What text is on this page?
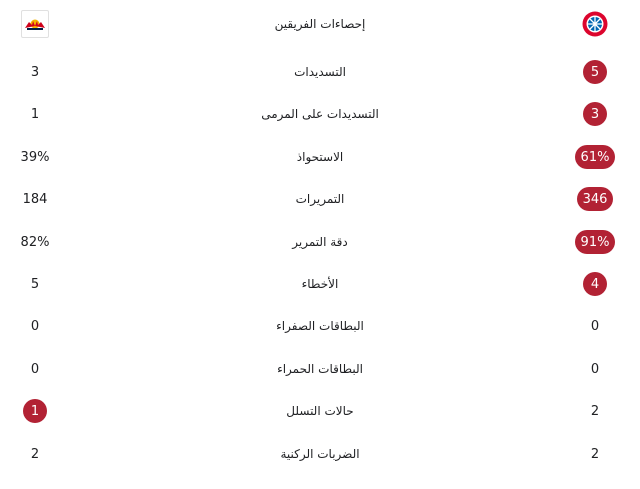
إحصاءات الفريقين
3	التسديدات	5
1	التسديدات على المرمى	3
39%	الاستحواذ	61%
184	التمريرات	346
82%	دقة التمرير	91%
5	الأخطاء	4
0	البطاقات الصفراء	0
0	البطاقات الحمراء	0
1	حالات التسلل	2
2	الضربات الركنية	2
